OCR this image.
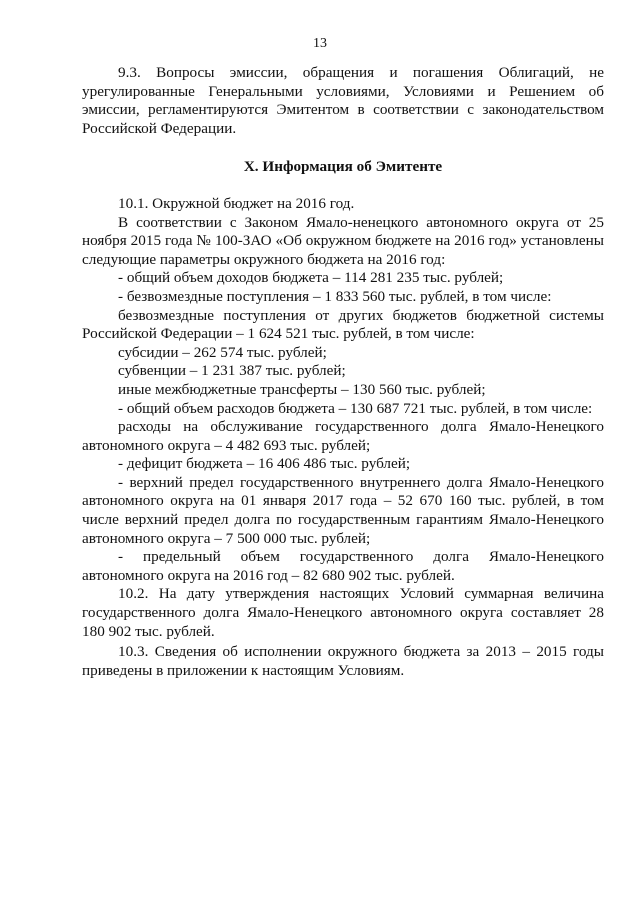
13

9.3. Вопросы эмиссии, обращения и погашения Облигаций, не урегулированные Генеральными условиями, Условиями и Решением об эмиссии, регламентируются Эмитентом в соответствии с законодательством Российской Федерации.

X. Информация об Эмитенте

10.1. Окружной бюджет на 2016 год.

В соответствии с Законом Ямало-ненецкого автономного округа от 25 ноября 2015 года № 100-ЗАО «Об окружном бюджете на 2016 год» установлены следующие параметры окружного бюджета на 2016 год:

- общий объем доходов бюджета – 114 281 235 тыс. рублей;

- безвозмездные поступления – 1 833 560 тыс. рублей, в том числе:

безвозмездные поступления от других бюджетов бюджетной системы Российской Федерации – 1 624 521 тыс. рублей, в том числе:

субсидии – 262 574 тыс. рублей;

субвенции – 1 231 387 тыс. рублей;

иные межбюджетные трансферты – 130 560 тыс. рублей;

- общий объем расходов бюджета – 130 687 721 тыс. рублей, в том числе:

расходы на обслуживание государственного долга Ямало-Ненецкого автономного округа – 4 482 693 тыс. рублей;

- дефицит бюджета – 16 406 486 тыс. рублей;

- верхний предел государственного внутреннего долга Ямало-Ненецкого автономного округа на 01 января 2017 года – 52 670 160 тыс. рублей, в том числе верхний предел долга по государственным гарантиям Ямало-Ненецкого автономного округа – 7 500 000 тыс. рублей;

- предельный объем государственного долга Ямало-Ненецкого автономного округа на 2016 год – 82 680 902 тыс. рублей.

10.2. На дату утверждения настоящих Условий суммарная величина государственного долга Ямало-Ненецкого автономного округа составляет 28 180 902 тыс. рублей.

10.3. Сведения об исполнении окружного бюджета за 2013 – 2015 годы приведены в приложении к настоящим Условиям.
